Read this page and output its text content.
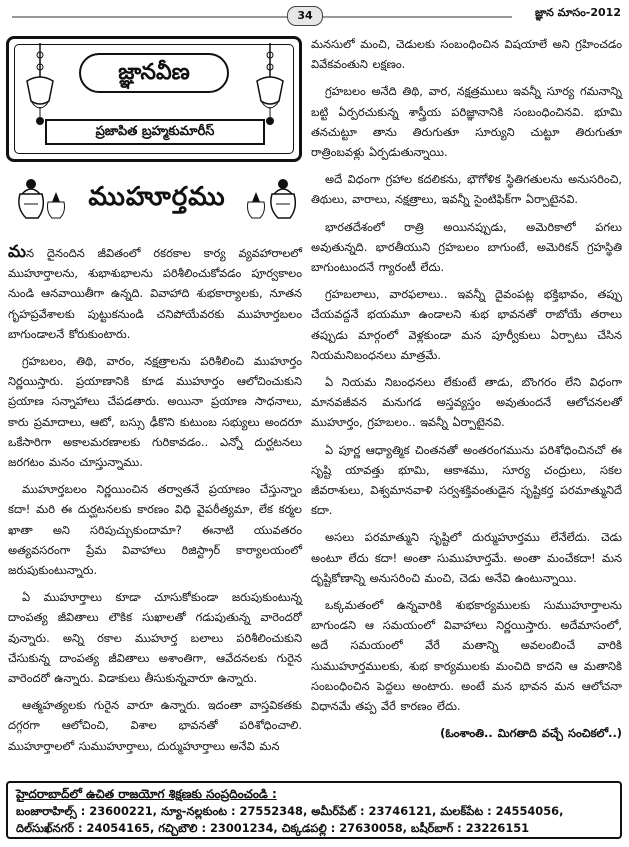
34	జ్ఞాన మాసం-2012
జ్ఞానవీణ
ప్రజాపిత బ్రహ్మకుమారీస్
ముహూర్తము

మన దైనందిన జీవితంలో రకరకాల కార్య వ్యవహారాలలో ముహూర్తాలను, శుభాశుభాలను పరిశీలించుకోవడం పూర్వకాలం నుండి ఆనవాయితీగా ఉన్నది. వివాహాది శుభకార్యాలకు, నూతన గృహప్రవేశాలకు పుట్టుకనుండి చనిపోయేవరకు ముహూర్తబలం బాగుండాలనే కోరుకుంటారు.

గ్రహబలం, తిథి, వారం, నక్షత్రాలను పరిశీలించి ముహూర్తం నిర్ణయిస్తారు. ప్రయాణానికి కూడ ముహూర్తం ఆలోచించుకుని ప్రయాణ సన్నాహాలు చేపడతారు. అయినా ప్రయాణ సాధనాలు, కారు ప్రమాదాలు, ఆటో, బస్సు ఢీకొని కుటుంబ సభ్యులు అందరూ ఒకేసారిగా అకాలమరణాలకు గురికావడం.. ఎన్నో దుర్ఘటనలు జరగటం మనం చూస్తున్నాము.

ముహూర్తబలం నిర్ణయించిన తర్వాతనే ప్రయాణం చేస్తున్నాం కదా! మరి ఈ దుర్ఘటనలకు కారణం విధి వైపరీత్యమా, లేక కర్మల ఖాతా అని సరిపుచ్చుకుందామా? ఈనాటి యువతరం అత్యవసరంగా ప్రేమ వివాహాలు రిజిస్ట్రార్ కార్యాలయంలో జరుపుకుంటున్నారు.

ఏ ముహూర్తాలు కూడా చూసుకోకుండా జరుపుకుంటున్న దాంపత్య జీవితాలు లౌకిక సుఖాలతో గడుపుతున్న వారెందరో వున్నారు. అన్ని రకాల ముహూర్త బలాలు పరిశీలించుకుని చేసుకున్న దాంపత్య జీవితాలు అశాంతిగా, ఆవేదనలకు గురైన వారెందరో ఉన్నారు. విడాకులు తీసుకున్నవారూ ఉన్నారు.

ఆత్మహత్యలకు గురైన వారూ ఉన్నారు. ఇదంతా వాస్తవికతకు దగ్గరగా ఆలోచించి, విశాల భావనతో పరిశోధించాలి. ముహూర్తాలలో సుముహూర్తాలు, దుర్ముహూర్తాలు అనేవి మన

మనసులో మంచి, చెడులకు సంబంధించిన విషయాలే అని గ్రహించడం వివేకవంతుని లక్షణం.

గ్రహబలం అనేది తిథి, వార, నక్షత్రములు ఇవన్నీ సూర్య గమనాన్ని బట్టి ఏర్పరచుకున్న శాస్త్రీయ పరిజ్ఞానానికి సంబంధించినవి. భూమి తనచుట్టూ తాను తిరుగుతూ సూర్యుని చుట్టూ తిరుగుతూ రాత్రింబవళ్లు ఏర్పడుతున్నాయి.

అదే విధంగా గ్రహాల కదలికను, భౌగోళిక స్థితిగతులను అనుసరించి, తిథులు, వారాలు, నక్షత్రాలు, ఇవన్నీ సైంటిఫిక్‌గా ఏర్పాటైనవి.

భారతదేశంలో రాత్రి అయినప్పుడు, అమెరికాలో పగలు అవుతున్నది. భారతీయుని గ్రహబలం బాగుంటే, అమెరికన్ గ్రహస్థితి బాగుంటుందనే గ్యారంటీ లేదు.

గ్రహబలాలు, వారఫలాలు.. ఇవన్నీ దైవంపట్ల భక్తిభావం, తప్పు చేయవద్దనే భయమూ ఉండాలని శుభ భావనతో రాబోయే తరాలు తప్పుడు మార్గంలో వెళ్లకుండా మన పూర్వీకులు ఏర్పాటు చేసిన నియమనిబంధనలు మాత్రమే.

ఏ నియమ నిబంధనలు లేకుంటే తాడు, బొంగరం లేని విధంగా మానవజీవన మనుగడ అస్తవ్యస్తం అవుతుందనే ఆలోచనలతో ముహూర్తం, గ్రహబలం.. ఇవన్నీ ఏర్పాటైనవి.

ఏ పూర్ణ ఆధ్యాత్మిక చింతనతో అంతరంగమును పరిశోధించినచో ఈ సృష్టి యావత్తు భూమి, ఆకాశము, సూర్య చంద్రులు, సకల జీవరాశులు, విశ్వమానవాళి సర్వశక్తివంతుడైన సృష్టికర్త పరమాత్మునిదే కదా.

అసలు పరమాత్ముని సృష్టిలో దుర్ముహూర్తము లేనేలేదు. చెడు అంటూ లేదు కదా! అంతా సుముహూర్తమే. అంతా మంచేకదా! మన దృష్టికోణాన్ని అనుసరించి మంచి, చెడు అనేవి ఉంటున్నాయి.

ఒక్కమతంలో ఉన్నవారికి శుభకార్యములకు సుముహూర్తాలను బాగుండని ఆ సమయంలో వివాహాలు నిర్ణయిస్తారు. అదేమాసంలో, అదే సమయంలో వేరే మతాన్ని అవలంబించే వారికి సుముహూర్తములకు, శుభ కార్యములకు మంచిది కాదని ఆ మతానికి సంబంధించిన పెద్దలు అంటారు. అంటే మన భావన మన ఆలోచనా విధానమే తప్ప వేరే కారణం లేదు.

(ఓంశాంతి.. మిగతాది వచ్చే సంచికలో..)

హైదరాబాద్‌లో ఉచిత రాజయోగ శిక్షణకు సంప్రదించండి :
బంజారాహిల్స్ : 23600221, న్యూ-నల్లకుంట : 27552348, అమీర్‌పేట్ : 23746121, మలక్‌పేట : 24554056,
దిల్‌సుఖ్‌నగర్ : 24054165, గచ్చిబౌలి : 23001234, చిక్కడపల్లి : 27630058, బషీర్‌బాగ్ : 23226151
